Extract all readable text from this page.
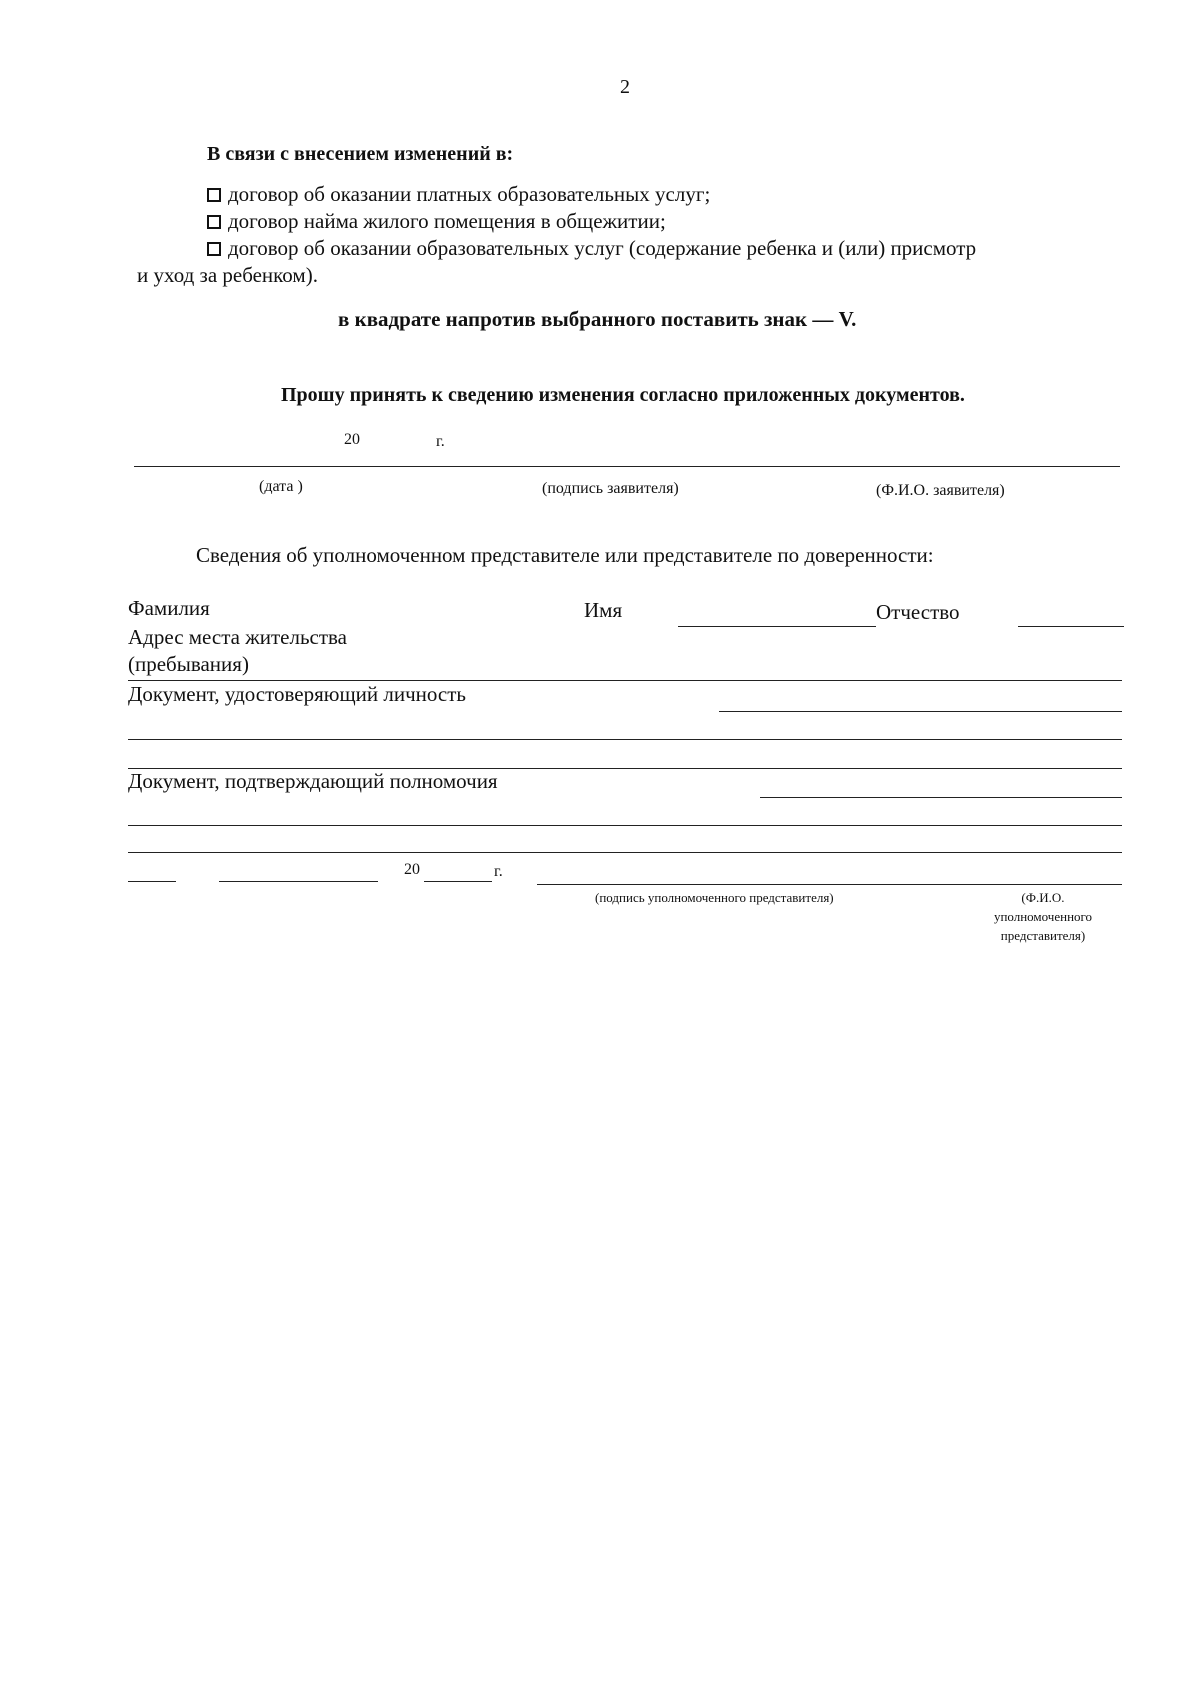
2
В связи с внесением изменений в:
договор об оказании платных образовательных услуг;
договор найма жилого помещения в общежитии;
договор об оказании образовательных услуг (содержание ребенка и (или) присмотр
и уход за ребенком).
в квадрате напротив выбранного поставить знак — V.
Прошу принять к сведению изменения согласно приложенных документов.
20	г.
(дата )	(подпись заявителя)	(Ф.И.О. заявителя)
Сведения об уполномоченном представителе или представителе по доверенности:
Фамилия	Имя	Отчество
Адрес места жительства
(пребывания)
Документ, удостоверяющий личность
Документ, подтверждающий полномочия
20	г.
(подпись уполномоченного представителя)	(Ф.И.О.
уполномоченного
представителя)
